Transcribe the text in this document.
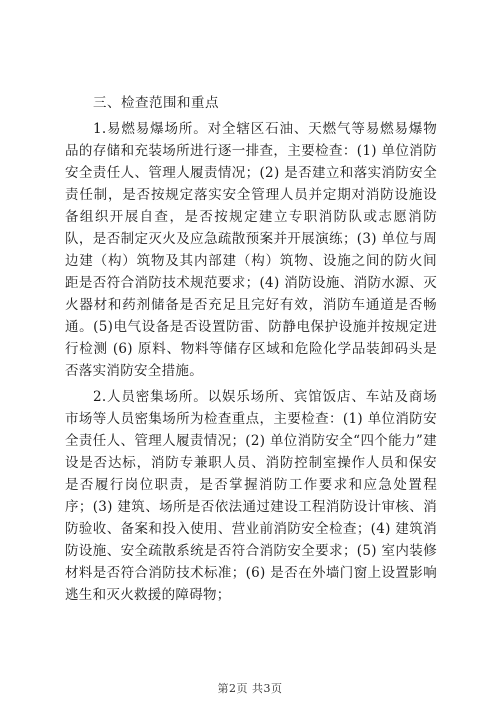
三、检查范围和重点

1.易燃易爆场所。对全辖区石油、天燃气等易燃易爆物品的存储和充装场所进行逐一排查，主要检查：(1) 单位消防安全责任人、管理人履责情况；(2) 是否建立和落实消防安全责任制，是否按规定落实安全管理人员并定期对消防设施设备组织开展自查，是否按规定建立专职消防队或志愿消防队，是否制定灭火及应急疏散预案并开展演练；(3) 单位与周边建（构）筑物及其内部建（构）筑物、设施之间的防火间距是否符合消防技术规范要求；(4) 消防设施、消防水源、灭火器材和药剂储备是否充足且完好有效，消防车通道是否畅通。(5)电气设备是否设置防雷、防静电保护设施并按规定进行检测 (6) 原料、物料等储存区域和危险化学品装卸码头是否落实消防安全措施。

2.人员密集场所。以娱乐场所、宾馆饭店、车站及商场市场等人员密集场所为检查重点，主要检查：(1) 单位消防安全责任人、管理人履责情况；(2) 单位消防安全“四个能力”建设是否达标，消防专兼职人员、消防控制室操作人员和保安是否履行岗位职责，是否掌握消防工作要求和应急处置程序；(3) 建筑、场所是否依法通过建设工程消防设计审核、消防验收、备案和投入使用、营业前消防安全检查；(4) 建筑消防设施、安全疏散系统是否符合消防安全要求；(5) 室内装修材料是否符合消防技术标准；(6) 是否在外墙门窗上设置影响逃生和灭火救援的障碍物；

第2页 共3页
